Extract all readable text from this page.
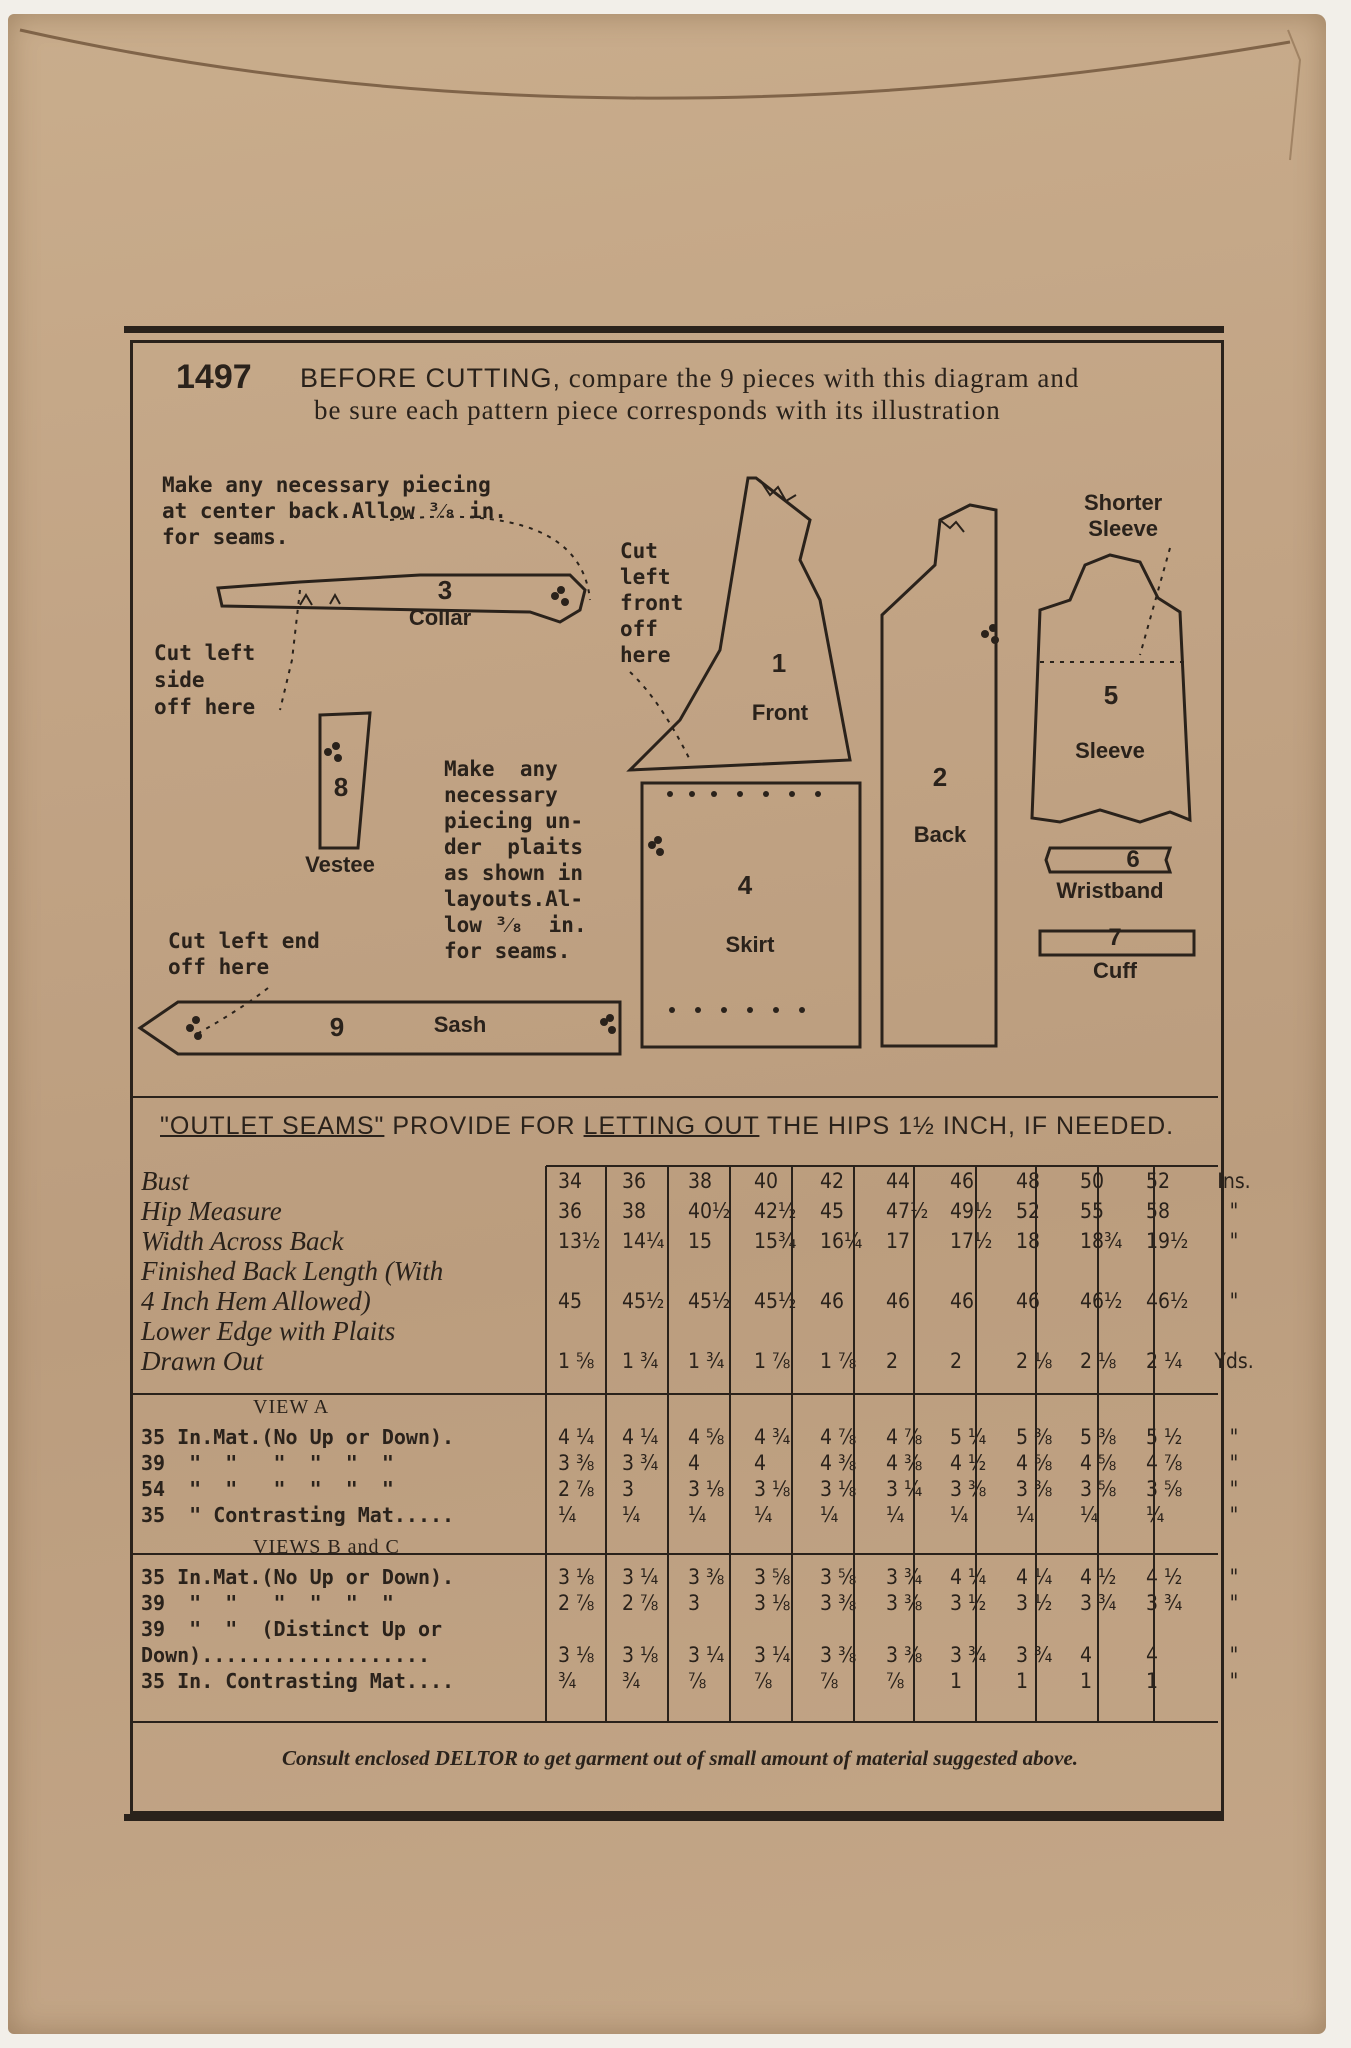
1497 BEFORE CUTTING, compare the 9 pieces with this diagram and
be sure each pattern piece corresponds with its illustration
Make any necessary piecing
at center back.Allow ³⁄₈ in.
for seams.
Cut left
side
off here
Cut
left
front
off
here
Make  any
necessary
piecing un-
der  plaits
as shown in
layouts.Al-
low ³⁄₈  in.
for seams.
Cut left end
off here
Shorter
Sleeve
3
Collar
1
Front
2
Back
4
Skirt
5
Sleeve
6
Wristband
7
Cuff
8
Vestee
9	Sash
"OUTLET SEAMS" PROVIDE FOR LETTING OUT THE HIPS 1½ INCH, IF NEEDED.
Bust	34	36	38	40	42	44	46	48	50	52	Ins.
Hip Measure	36	38	40½	42½	45	47½	49½	52	55	58	"
Width Across Back	13½	14¼	15	15¾	16¼	17	17½	18	18¾	19½	"
Finished Back Length (With											
4 Inch Hem Allowed)	45	45½	45½	45½	46	46	46	46	46½	46½	"
Lower Edge with Plaits											
Drawn Out	1 ⅝	1 ¾	1 ¾	1 ⅞	1 ⅞	2	2	2 ⅛	2 ⅛	2 ¼	Yds.
VIEW A											
35 In.Mat.(No Up or Down).	4 ¼	4 ¼	4 ⅝	4 ¾	4 ⅞	4 ⅞	5 ¼	5 ⅜	5 ⅜	5 ½	"
39  "  "   "  "  "  "	3 ⅜	3 ¾	4	4	4 ⅜	4 ⅜	4 ½	4 ⅝	4 ⅝	4 ⅞	"
54  "  "   "  "  "  "	2 ⅞	3	3 ⅛	3 ⅛	3 ⅛	3 ¼	3 ⅜	3 ⅜	3 ⅝	3 ⅝	"
35  " Contrasting Mat.....	¼	¼	¼	¼	¼	¼	¼	¼	¼	¼	"

VIEWS B and C											
35 In.Mat.(No Up or Down).	3 ⅛	3 ¼	3 ⅜	3 ⅝	3 ⅝	3 ¾	4 ¼	4 ¼	4 ½	4 ½	"
39  "  "   "  "  "  "	2 ⅞	2 ⅞	3	3 ⅛	3 ⅜	3 ⅜	3 ½	3 ½	3 ¾	3 ¾	"
39  "  "  (Distinct Up or											
Down)...................	3 ⅛	3 ⅛	3 ¼	3 ¼	3 ⅜	3 ⅜	3 ¾	3 ¾	4	4	"
35 In. Contrasting Mat....	¾	¾	⅞	⅞	⅞	⅞	1	1	1	1	"
Consult enclosed DELTOR to get garment out of small amount of material suggested above.
